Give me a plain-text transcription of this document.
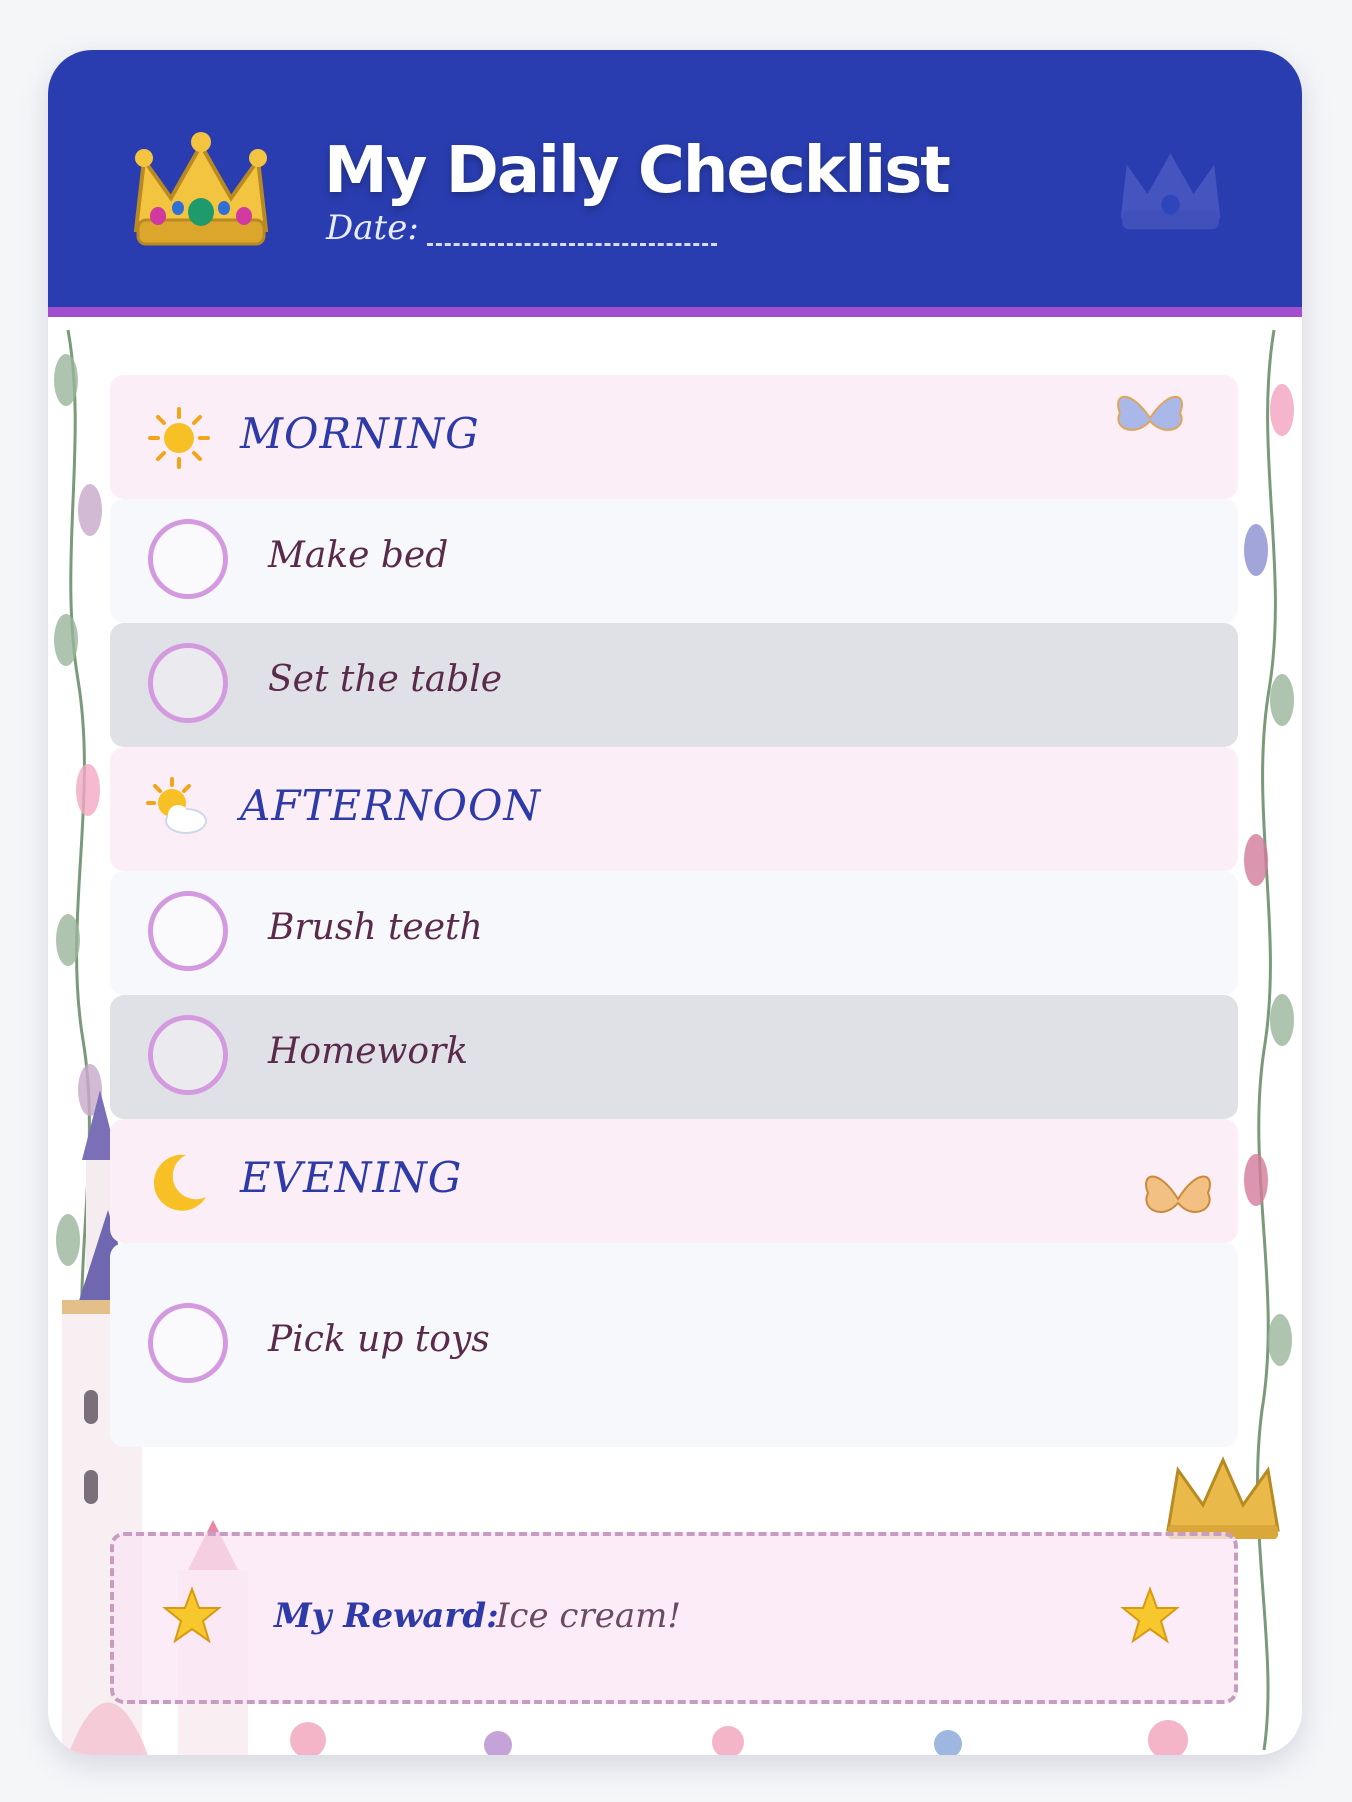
My Daily Checklist
Date:
MORNING
Make bed
Set the table
AFTERNOON
Brush teeth
Homework
EVENING
Pick up toys
My Reward:
Ice cream!
